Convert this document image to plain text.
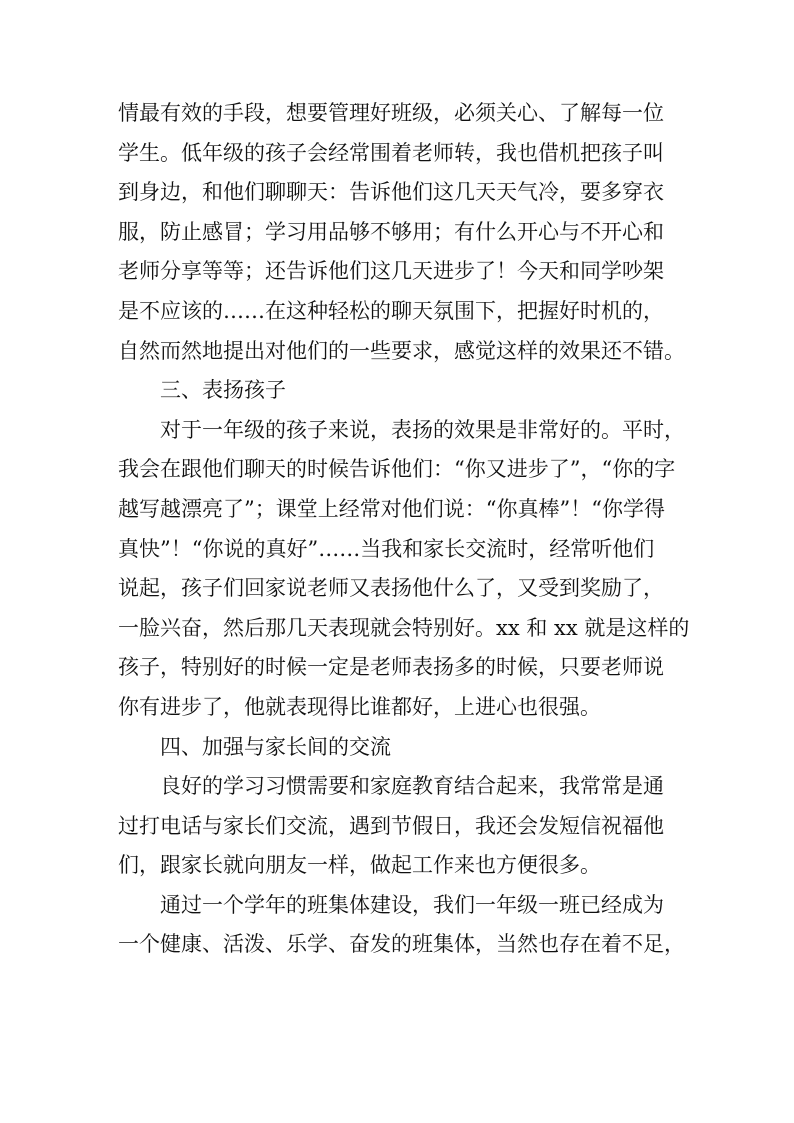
情最有效的手段，想要管理好班级，必须关心、了解每一位
学生。低年级的孩子会经常围着老师转，我也借机把孩子叫
到身边，和他们聊聊天：告诉他们这几天天气冷，要多穿衣
服，防止感冒；学习用品够不够用；有什么开心与不开心和
老师分享等等；还告诉他们这几天进步了！今天和同学吵架
是不应该的……在这种轻松的聊天氛围下，把握好时机的，
自然而然地提出对他们的一些要求，感觉这样的效果还不错。
三、表扬孩子
对于一年级的孩子来说，表扬的效果是非常好的。平时，
我会在跟他们聊天的时候告诉他们：“你又进步了”，“你的字
越写越漂亮了”；课堂上经常对他们说：“你真棒”！“你学得
真快”！“你说的真好”……当我和家长交流时，经常听他们
说起，孩子们回家说老师又表扬他什么了，又受到奖励了，
一脸兴奋，然后那几天表现就会特别好。xx 和 xx 就是这样的
孩子，特别好的时候一定是老师表扬多的时候，只要老师说
你有进步了，他就表现得比谁都好，上进心也很强。
四、加强与家长间的交流
良好的学习习惯需要和家庭教育结合起来，我常常是通
过打电话与家长们交流，遇到节假日，我还会发短信祝福他
们，跟家长就向朋友一样，做起工作来也方便很多。
通过一个学年的班集体建设，我们一年级一班已经成为
一个健康、活泼、乐学、奋发的班集体，当然也存在着不足，
